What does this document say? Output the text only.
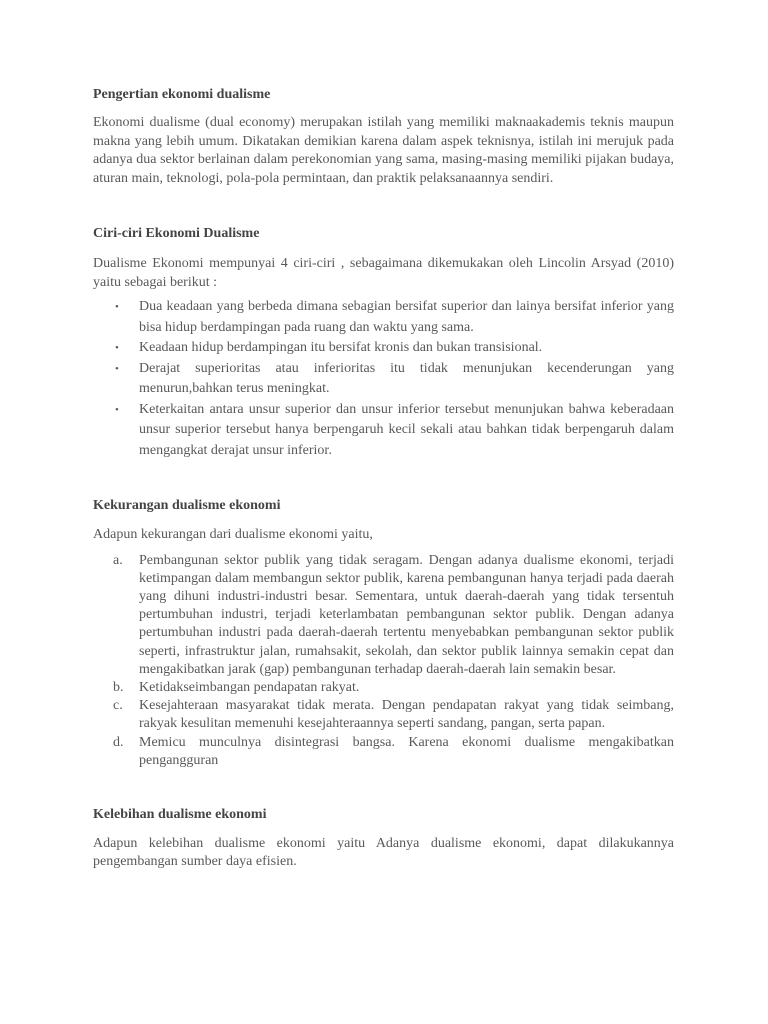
Pengertian ekonomi dualisme

Ekonomi dualisme (dual economy) merupakan istilah yang memiliki maknaakademis teknis maupun makna yang lebih umum. Dikatakan demikian karena dalam aspek teknisnya, istilah ini merujuk pada adanya dua sektor berlainan dalam perekonomian yang sama, masing-masing memiliki pijakan budaya, aturan main, teknologi, pola-pola permintaan, dan praktik pelaksanaannya sendiri.

Ciri-ciri Ekonomi Dualisme

Dualisme Ekonomi mempunyai 4 ciri-ciri , sebagaimana dikemukakan oleh Lincolin Arsyad (2010) yaitu sebagai berikut :

• Dua keadaan yang berbeda dimana sebagian bersifat superior dan lainya bersifat inferior yang bisa hidup berdampingan pada ruang dan waktu yang sama.
• Keadaan hidup berdampingan itu bersifat kronis dan bukan transisional.
• Derajat superioritas atau inferioritas itu tidak menunjukan kecenderungan yang menurun,bahkan terus meningkat.
• Keterkaitan antara unsur superior dan unsur inferior tersebut menunjukan bahwa keberadaan unsur superior tersebut hanya berpengaruh kecil sekali atau bahkan tidak berpengaruh dalam mengangkat derajat unsur inferior.

Kekurangan dualisme ekonomi

Adapun kekurangan dari dualisme ekonomi yaitu,

a. Pembangunan sektor publik yang tidak seragam. Dengan adanya dualisme ekonomi, terjadi ketimpangan dalam membangun sektor publik, karena pembangunan hanya terjadi pada daerah yang dihuni industri-industri besar. Sementara, untuk daerah-daerah yang tidak tersentuh pertumbuhan industri, terjadi keterlambatan pembangunan sektor publik. Dengan adanya pertumbuhan industri pada daerah-daerah tertentu menyebabkan pembangunan sektor publik seperti, infrastruktur jalan, rumahsakit, sekolah, dan sektor publik lainnya semakin cepat dan mengakibatkan jarak (gap) pembangunan terhadap daerah-daerah lain semakin besar.
b. Ketidakseimbangan pendapatan rakyat.
c. Kesejahteraan masyarakat tidak merata. Dengan pendapatan rakyat yang tidak seimbang, rakyak kesulitan memenuhi kesejahteraannya seperti sandang, pangan, serta papan.
d. Memicu munculnya disintegrasi bangsa. Karena ekonomi dualisme mengakibatkan pengangguran

Kelebihan dualisme ekonomi

Adapun kelebihan dualisme ekonomi yaitu Adanya dualisme ekonomi, dapat dilakukannya pengembangan sumber daya efisien.
